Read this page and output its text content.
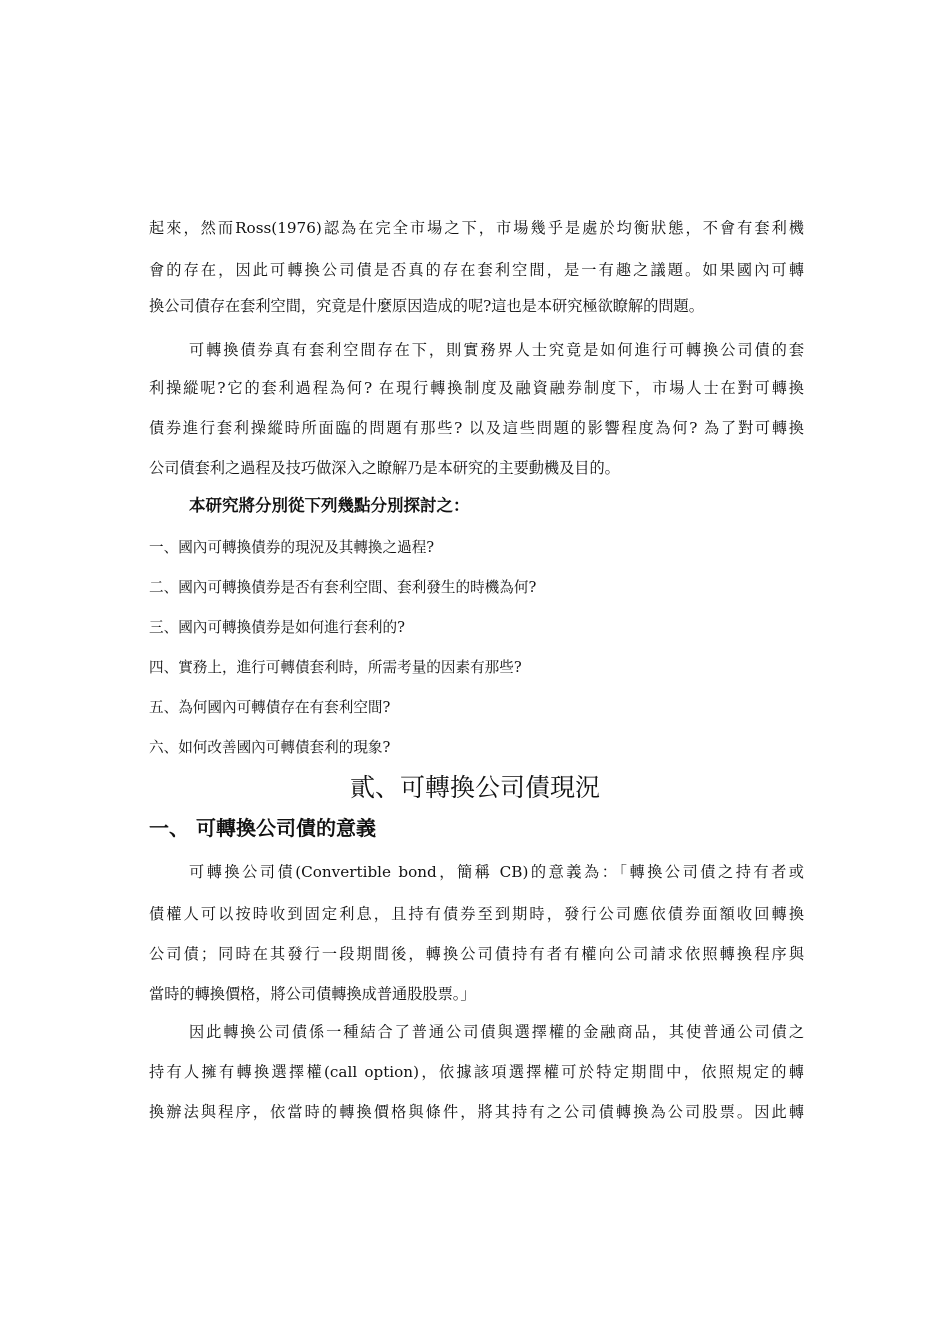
起來，然而Ross(1976)認為在完全市場之下，市場幾乎是處於均衡狀態，不會有套利機
會的存在，因此可轉換公司債是否真的存在套利空間，是一有趣之議題。如果國內可轉
換公司債存在套利空間，究竟是什麼原因造成的呢?這也是本研究極欲瞭解的問題。
可轉換債券真有套利空間存在下，則實務界人士究竟是如何進行可轉換公司債的套
利操縱呢?它的套利過程為何? 在現行轉換制度及融資融券制度下，市場人士在對可轉換
債券進行套利操縱時所面臨的問題有那些? 以及這些問題的影響程度為何? 為了對可轉換
公司債套利之過程及技巧做深入之瞭解乃是本研究的主要動機及目的。
本研究將分別從下列幾點分別探討之：
一、國內可轉換債券的現況及其轉換之過程?
二、國內可轉換債券是否有套利空間、套利發生的時機為何?
三、國內可轉換債券是如何進行套利的?
四、實務上，進行可轉債套利時，所需考量的因素有那些?
五、為何國內可轉債存在有套利空間?
六、如何改善國內可轉債套利的現象?
貳、可轉換公司債現況
一、 可轉換公司債的意義
可轉換公司債(Convertible bond，簡稱 CB)的意義為：「轉換公司債之持有者或
債權人可以按時收到固定利息，且持有債券至到期時，發行公司應依債券面額收回轉換
公司債；同時在其發行一段期間後，轉換公司債持有者有權向公司請求依照轉換程序與
當時的轉換價格，將公司債轉換成普通股股票。」
因此轉換公司債係一種結合了普通公司債與選擇權的金融商品，其使普通公司債之
持有人擁有轉換選擇權(call option)，依據該項選擇權可於特定期間中，依照規定的轉
換辦法與程序，依當時的轉換價格與條件，將其持有之公司債轉換為公司股票。因此轉
